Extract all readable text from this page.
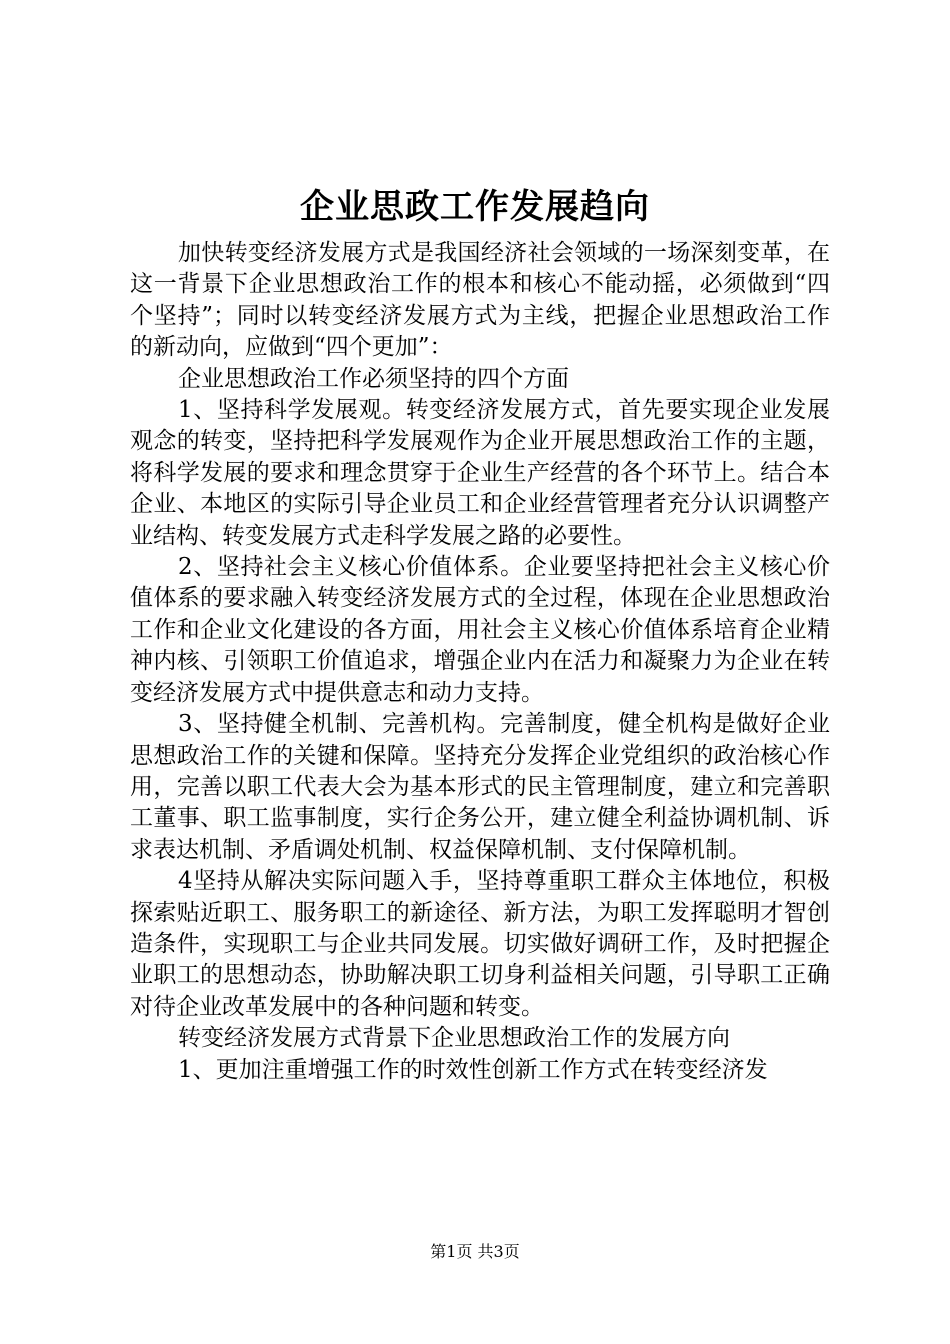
企业思政工作发展趋向

加快转变经济发展方式是我国经济社会领域的一场深刻变革，在这一背景下企业思想政治工作的根本和核心不能动摇，必须做到“四个坚持”；同时以转变经济发展方式为主线，把握企业思想政治工作的新动向，应做到“四个更加”：

企业思想政治工作必须坚持的四个方面

1、坚持科学发展观。转变经济发展方式，首先要实现企业发展观念的转变，坚持把科学发展观作为企业开展思想政治工作的主题，将科学发展的要求和理念贯穿于企业生产经营的各个环节上。结合本企业、本地区的实际引导企业员工和企业经营管理者充分认识调整产业结构、转变发展方式走科学发展之路的必要性。

2、坚持社会主义核心价值体系。企业要坚持把社会主义核心价值体系的要求融入转变经济发展方式的全过程，体现在企业思想政治工作和企业文化建设的各方面，用社会主义核心价值体系培育企业精神内核、引领职工价值追求，增强企业内在活力和凝聚力为企业在转变经济发展方式中提供意志和动力支持。

3、坚持健全机制、完善机构。完善制度，健全机构是做好企业思想政治工作的关键和保障。坚持充分发挥企业党组织的政治核心作用，完善以职工代表大会为基本形式的民主管理制度，建立和完善职工董事、职工监事制度，实行企务公开，建立健全利益协调机制、诉求表达机制、矛盾调处机制、权益保障机制、支付保障机制。

4坚持从解决实际问题入手，坚持尊重职工群众主体地位，积极探索贴近职工、服务职工的新途径、新方法，为职工发挥聪明才智创造条件，实现职工与企业共同发展。切实做好调研工作，及时把握企业职工的思想动态，协助解决职工切身利益相关问题，引导职工正确对待企业改革发展中的各种问题和转变。

转变经济发展方式背景下企业思想政治工作的发展方向

1、更加注重增强工作的时效性创新工作方式在转变经济发

第1页 共3页
